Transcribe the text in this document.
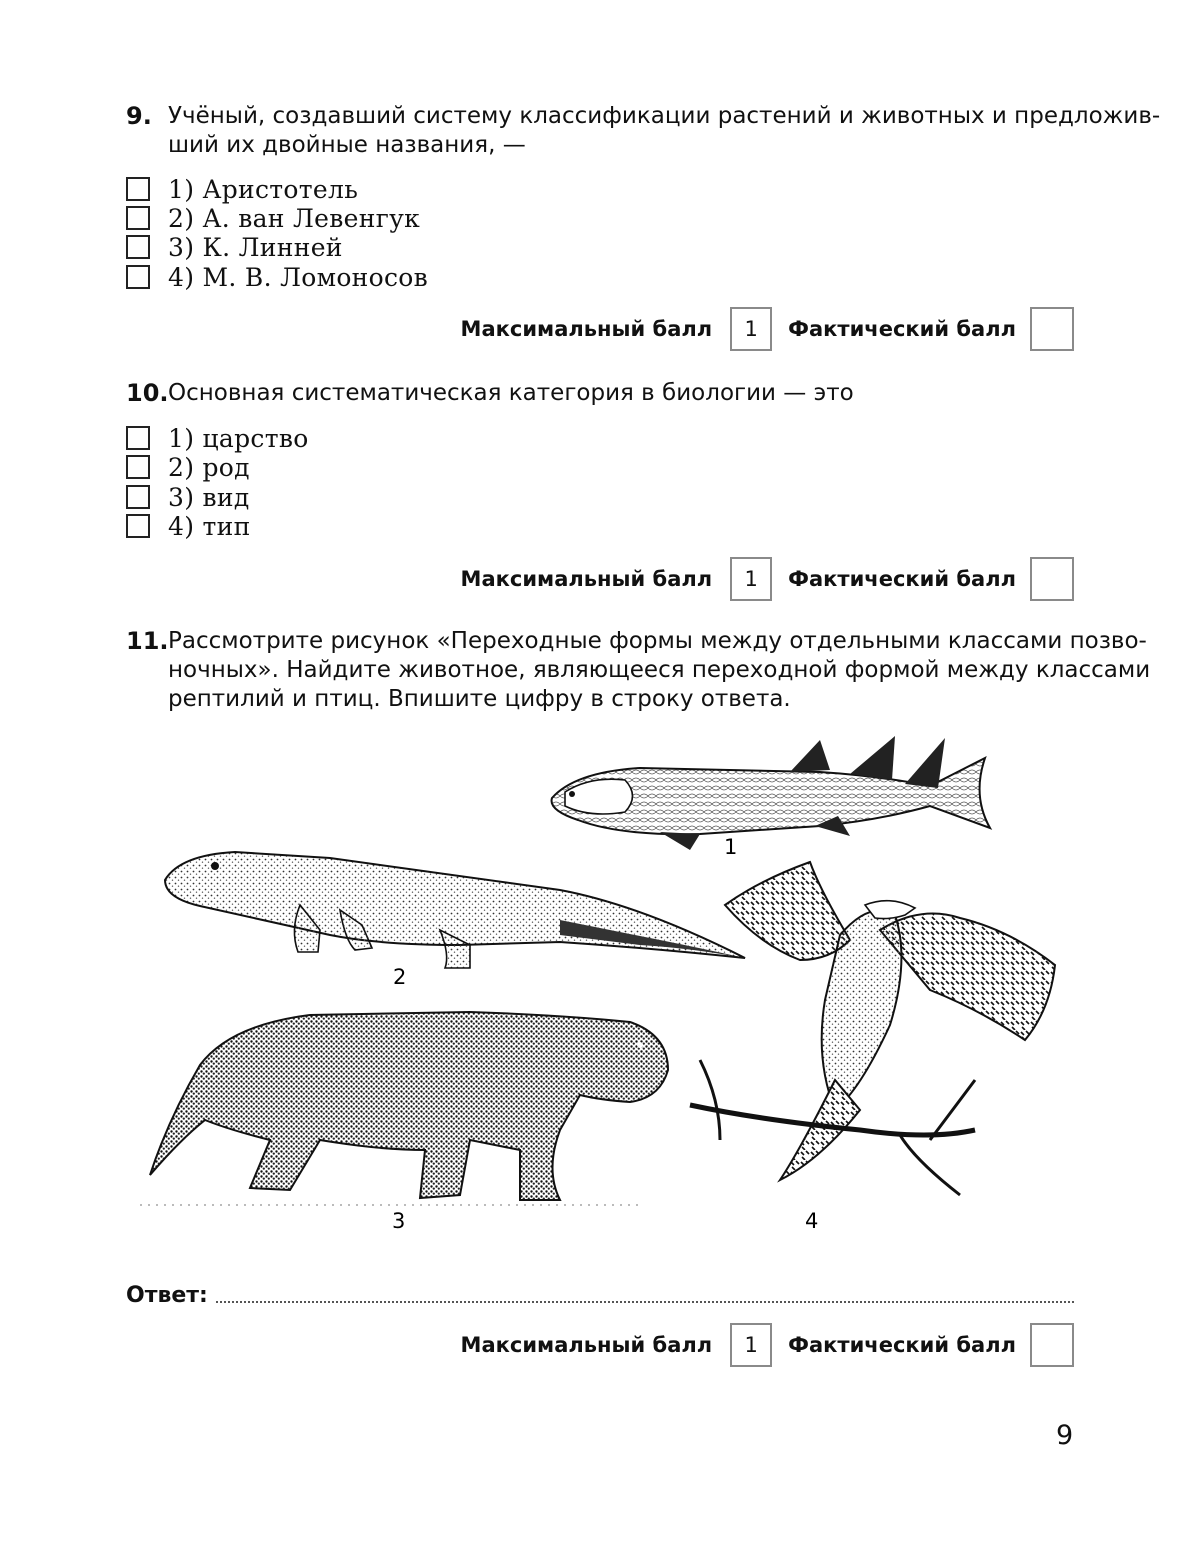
9. Учёный, создавший систему классификации растений и животных и предложив-
ший их двойные названия, —
1) Аристотель
2) А. ван Левенгук
3) К. Линней
4) М. В. Ломоносов
Максимальный балл	1	Фактический балл
10. Основная систематическая категория в биологии — это
1) царство
2) род
3) вид
4) тип
Максимальный балл	1	Фактический балл
11. Рассмотрите рисунок «Переходные формы между отдельными классами позво-
ночных». Найдите животное, являющееся переходной формой между классами
рептилий и птиц. Впишите цифру в строку ответа.
1
2
3	4
Ответ:
Максимальный балл	1	Фактический балл
9
